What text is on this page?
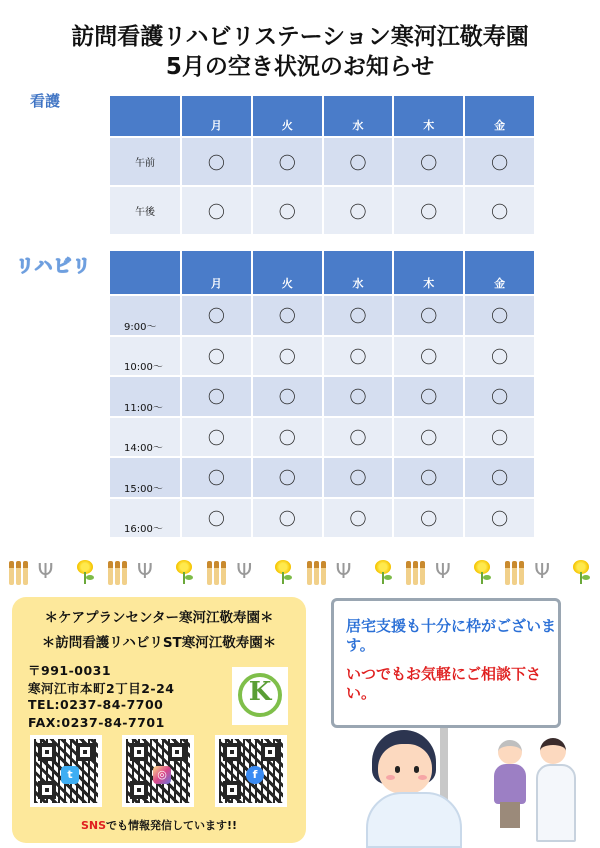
訪問看護リハビリステーション寒河江敬寿園
5月の空き状況のお知らせ
看護
	月	火	水	木	金
午前	〇	〇	〇	〇	〇
午後	〇	〇	〇	〇	〇
リハビリ
	月	火	水	木	金
9:00～	〇	〇	〇	〇	〇
10:00～	〇	〇	〇	〇	〇
11:00～	〇	〇	〇	〇	〇
14:00～	〇	〇	〇	〇	〇
15:00～	〇	〇	〇	〇	〇
16:00～	〇	〇	〇	〇	〇
Ψ	Ψ	Ψ	Ψ	Ψ	Ψ
＊ケアプランセンター寒河江敬寿園＊
＊訪問看護リハビリST寒河江敬寿園＊
〒991-0031
寒河江市本町2丁目2-24
TEL:0237-84-7700
FAX:0237-84-7701
K
t	◎	f
SNSでも情報発信しています!!
居宅支援も十分に枠がございます。
いつでもお気軽にご相談下さい。
